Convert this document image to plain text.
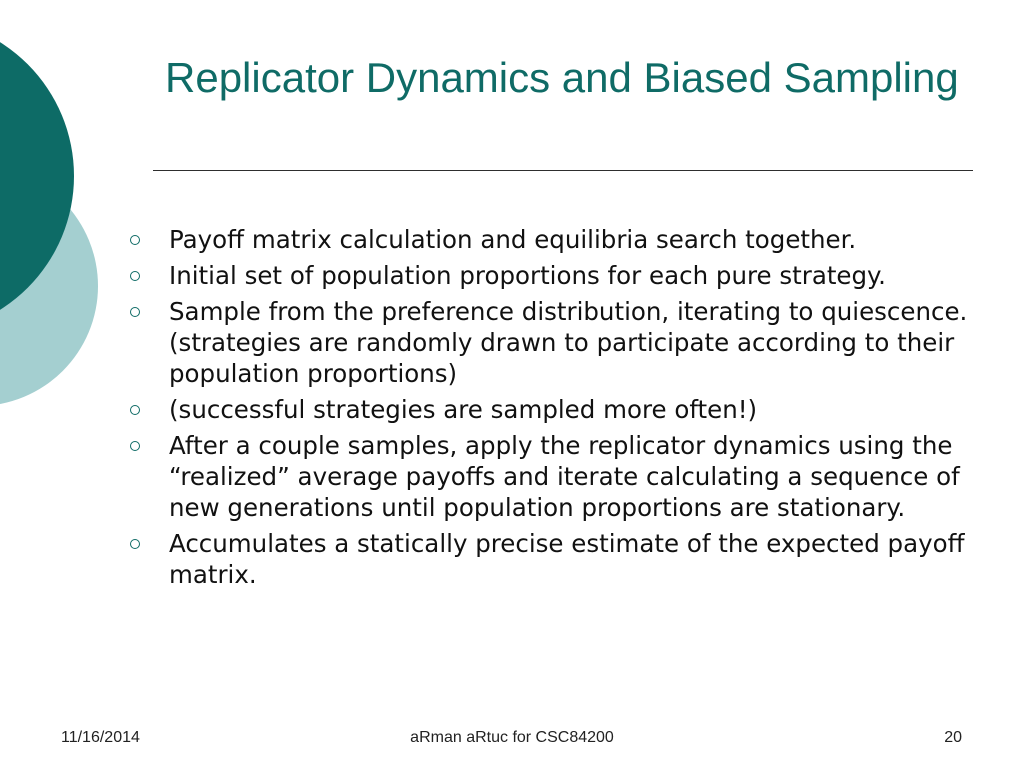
Replicator Dynamics and Biased Sampling
Payoff matrix calculation and equilibria search together.
Initial set of population proportions for each pure strategy.
Sample from the preference distribution, iterating to quiescence. (strategies are randomly drawn to participate according to their population proportions)
(successful strategies are sampled more often!)
After a couple samples, apply the replicator dynamics using the “realized” average payoffs and iterate calculating a sequence of new generations until population proportions are stationary.
Accumulates a statically precise estimate of the expected payoff matrix.
11/16/2014	aRman aRtuc for CSC84200	20
